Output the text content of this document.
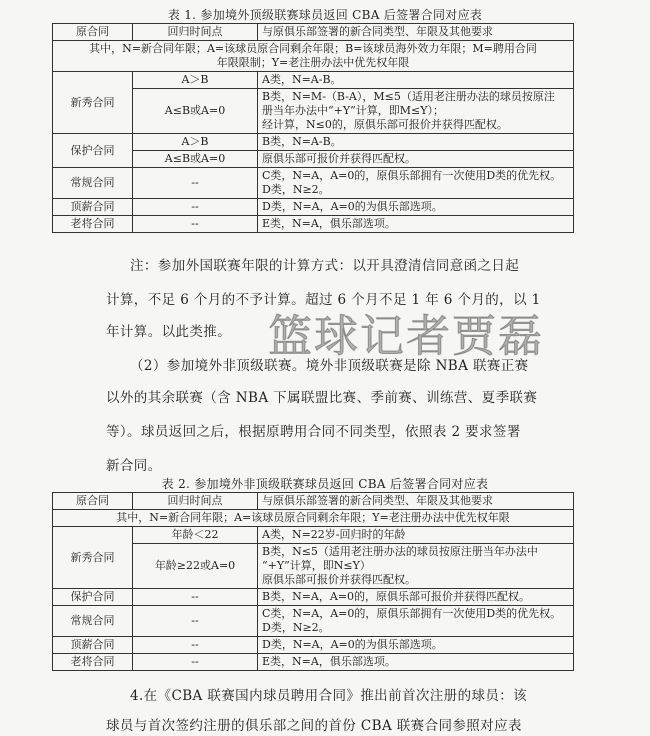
表 1. 参加境外顶级联赛球员返回 CBA 后签署合同对应表
原合同	回归时间点	与原俱乐部签署的新合同类型、年限及其他要求

其中，N=新合同年限；A=该球员原合同剩余年限；B=该球员海外效力年限；M=聘用合同
年限限制；Y=老注册办法中优先权年限		

新秀合同	A＞B	A类，N=A-B。
	A≤B或A=0	B类，N=M-（B-A），M≤5（适用老注册办法的球员按原注
册当年办法中“+Y”计算，即M≤Y）；
经计算，N≤0的，原俱乐部可报价并获得匹配权。

保护合同	A＞B	B类，N=A-B。
	A≤B或A=0	原俱乐部可报价并获得匹配权。
常规合同	--	C类，N=A，A=0的，原俱乐部拥有一次使用D类的优先权。
D类，N≥2。

顶薪合同	--	D类，N=A，A=0的为俱乐部选项。
老将合同	--	E类，N=A，俱乐部选项。
注：参加外国联赛年限的计算方式：以开具澄清信同意函之日起
计算，不足 6 个月的不予计算。超过 6 个月不足 1 年 6 个月的，以 1
年计算。以此类推。 篮球记者贾磊
（2）参加境外非顶级联赛。境外非顶级联赛是除 NBA 联赛正赛
以外的其余联赛（含 NBA 下属联盟比赛、季前赛、训练营、夏季联赛
等）。球员返回之后，根据原聘用合同不同类型，依照表 2 要求签署
新合同。
表 2. 参加境外非顶级联赛球员返回 CBA 后签署合同对应表
原合同	回归时间点	与原俱乐部签署的新合同类型、年限及其他要求
其中，N=新合同年限；A=该球员原合同剩余年限；Y=老注册办法中优先权年限		
新秀合同	年龄＜22	A类，N=22岁-回归时的年龄
	年龄≥22或A=0	B类，N≤5（适用老注册办法的球员按原注册当年办法中
“+Y”计算，即N≤Y）
原俱乐部可报价并获得匹配权。

保护合同	--	B类，N=A，A=0的，原俱乐部可报价并获得匹配权。
常规合同	--	C类，N=A，A=0的，原俱乐部拥有一次使用D类的优先权。
D类，N≥2。

顶薪合同	--	D类，N=A，A=0的为俱乐部选项。
老将合同	--	E类，N=A，俱乐部选项。
4.在《CBA 联赛国内球员聘用合同》推出前首次注册的球员：该
球员与首次签约注册的俱乐部之间的首份 CBA 联赛合同参照对应表
